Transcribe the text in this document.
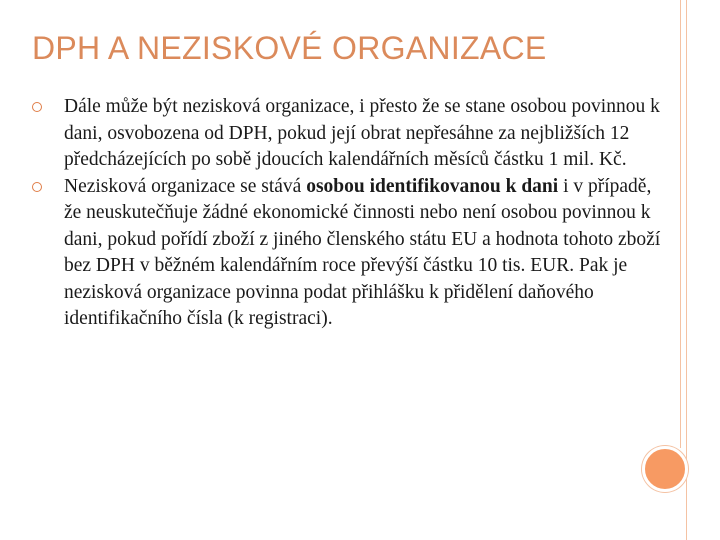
DPH A NEZISKOVÉ ORGANIZACE
Dále může být nezisková organizace, i přesto že se stane osobou povinnou k dani, osvobozena od DPH, pokud její obrat nepřesáhne za nejbližších 12 předcházejících po sobě jdoucích kalendářních měsíců částku 1 mil. Kč.
Nezisková organizace se stává osobou identifikovanou k dani i v případě, že neuskutečňuje žádné ekonomické činnosti nebo není osobou povinnou k dani, pokud pořídí zboží z jiného členského státu EU a hodnota tohoto zboží bez DPH v běžném kalendářním roce převýší částku 10 tis. EUR. Pak je nezisková organizace povinna podat přihlášku k přidělení daňového identifikačního čísla (k registraci).
